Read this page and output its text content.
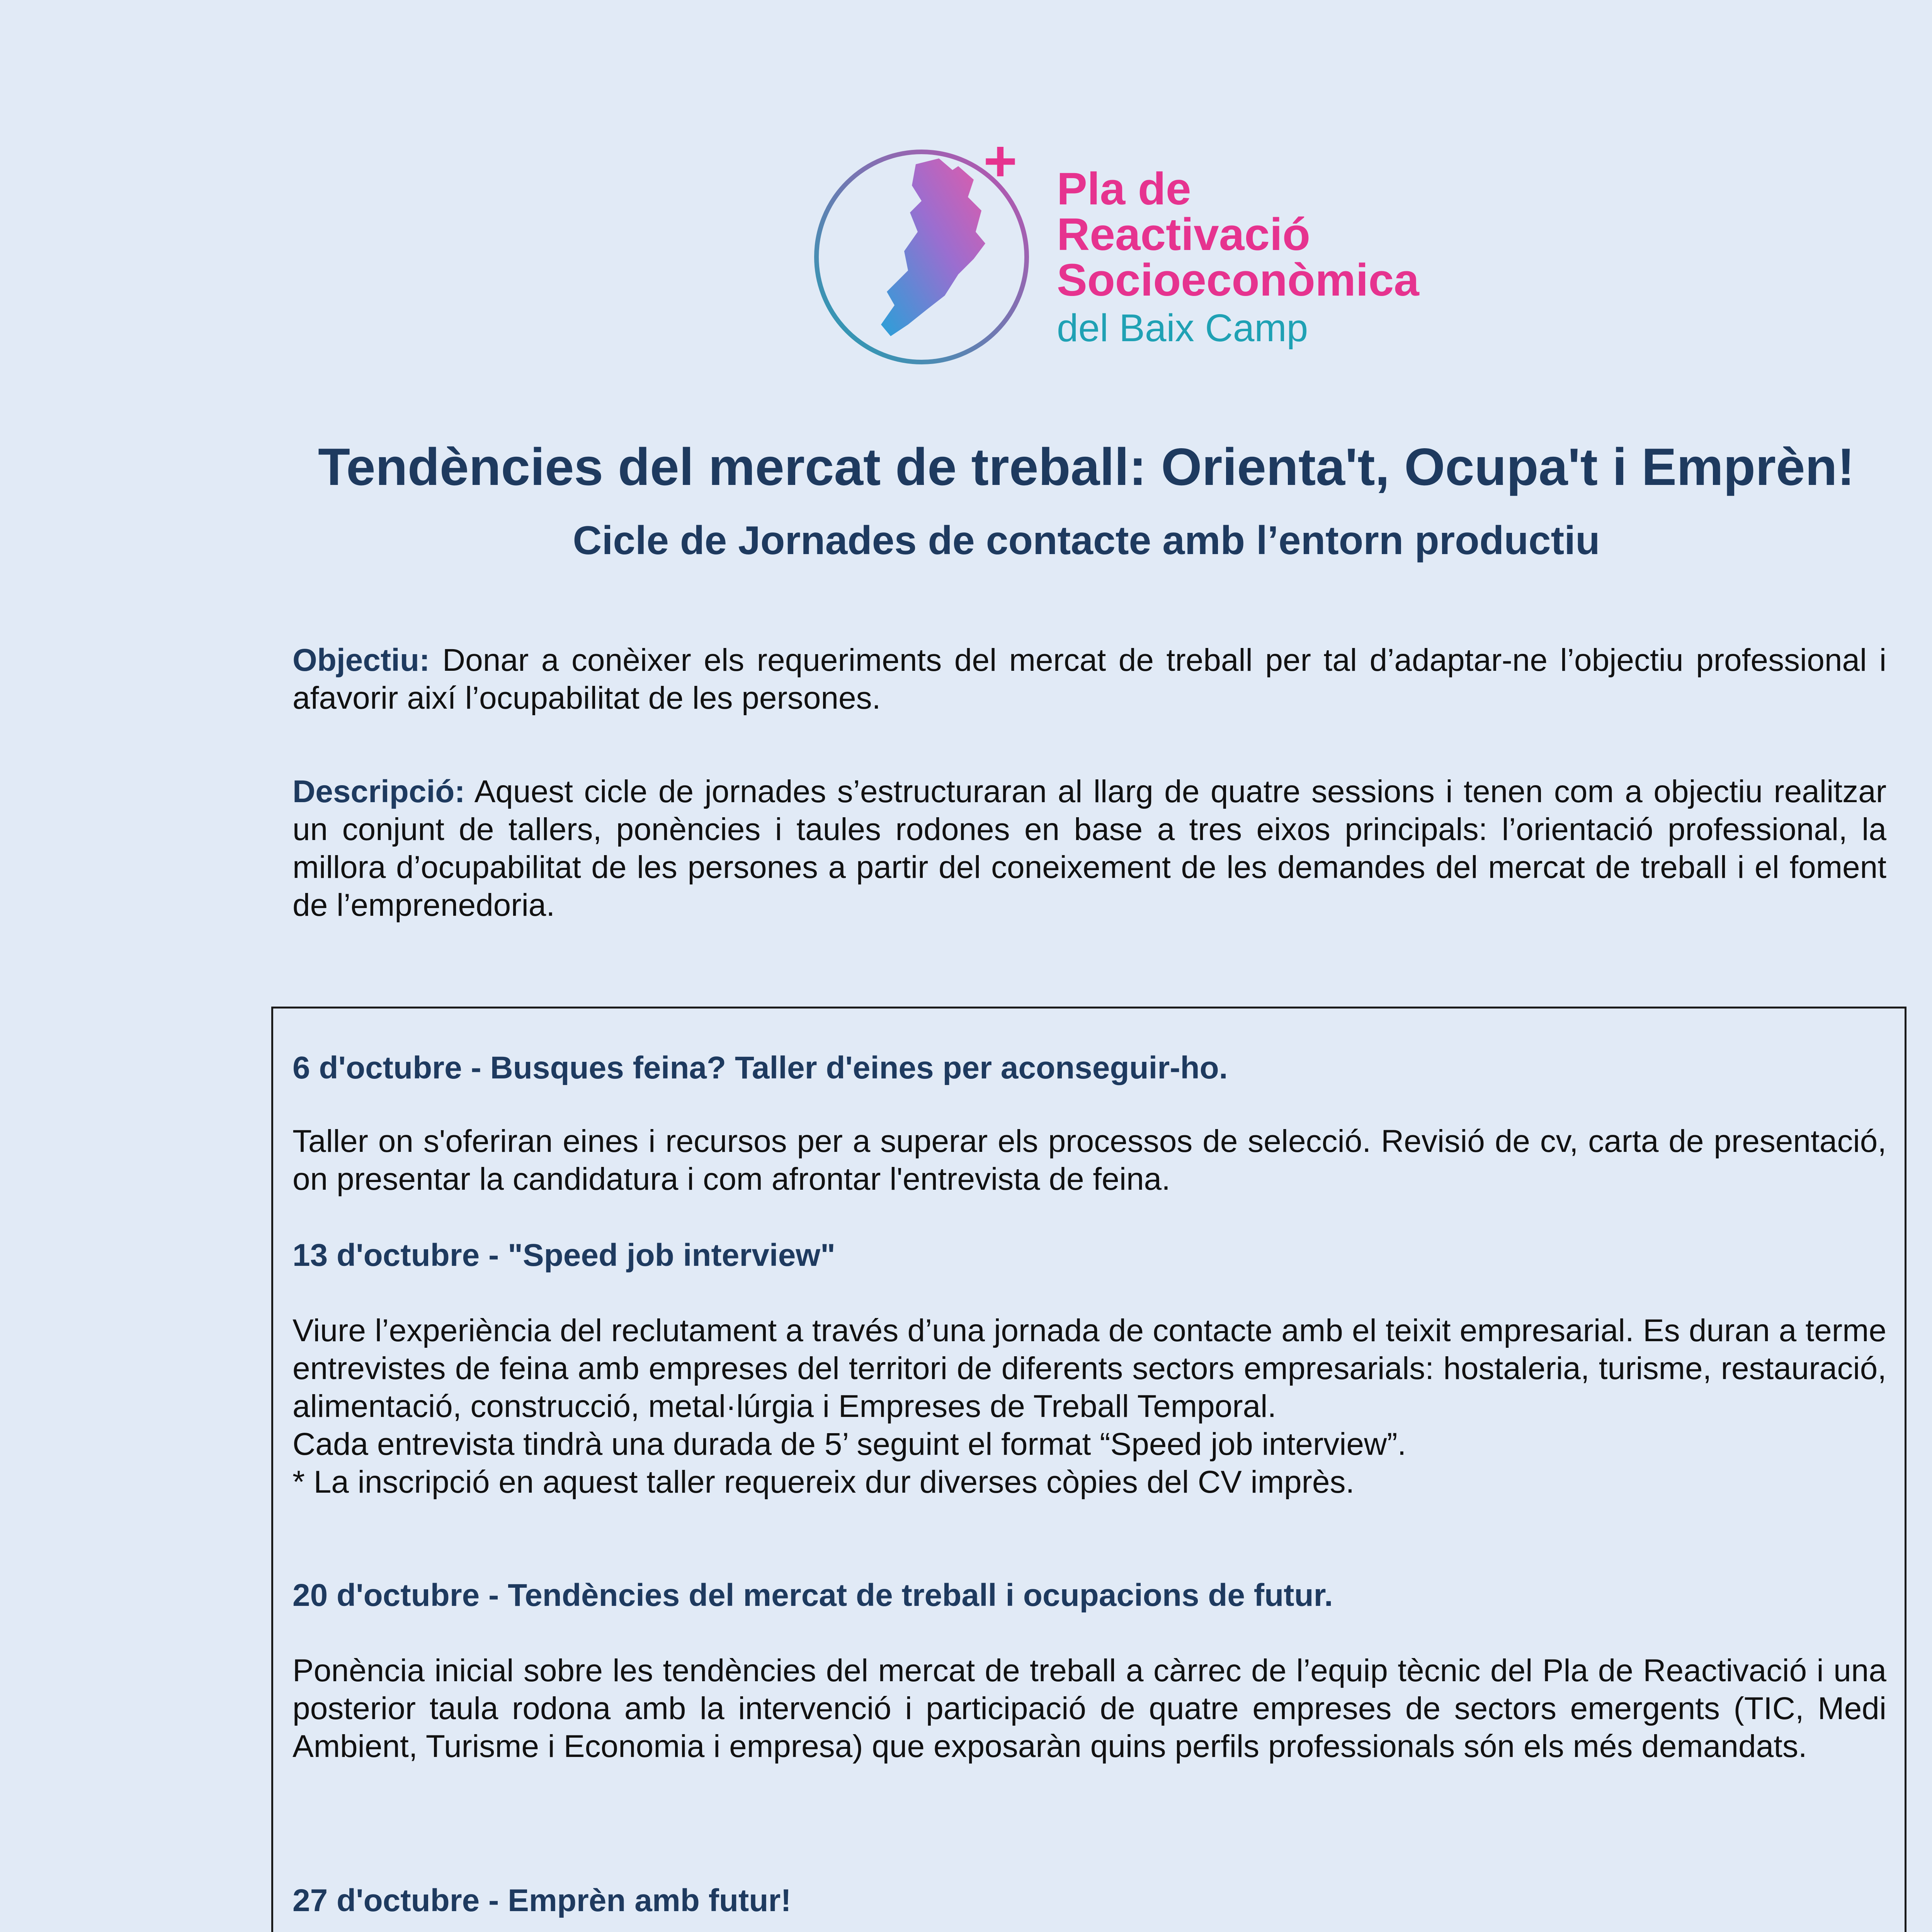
+ Pla de
Reactivació
Socioeconòmica
del Baix Camp
Tendències del mercat de treball: Orienta't, Ocupa't i Emprèn!
Cicle de Jornades de contacte amb l’entorn productiu
Objectiu: Donar a conèixer els requeriments del mercat de treball per tal d’adaptar-ne l’objectiu professional i afavorir així l’ocupabilitat de les persones.
Descripció: Aquest cicle de jornades s’estructuraran al llarg de quatre sessions i tenen com a objectiu realitzar un conjunt de tallers, ponències i taules rodones en base a tres eixos principals: l’orientació professional, la millora d’ocupabilitat de les persones a partir del coneixement de les demandes del mercat de treball i el foment de l’emprenedoria.
6 d'octubre - Busques feina? Taller d'eines per aconseguir-ho.
Taller on s'oferiran eines i recursos per a superar els processos de selecció. Revisió de cv, carta de presentació, on presentar la candidatura i com afrontar l'entrevista de feina.
13 d'octubre - "Speed job interview"
Viure l’experiència del reclutament a través d’una jornada de contacte amb el teixit empresarial. Es duran a terme entrevistes de feina amb empreses del territori de diferents sectors empresarials: hostaleria, turisme, restauració, alimentació, construcció, metal·lúrgia i Empreses de Treball Temporal.
Cada entrevista tindrà una durada de 5’ seguint el format “Speed job interview”.
* La inscripció en aquest taller requereix dur diverses còpies del CV imprès.
20 d'octubre - Tendències del mercat de treball i ocupacions de futur.
Ponència inicial sobre les tendències del mercat de treball a càrrec de l’equip tècnic del Pla de Reactivació i una posterior taula rodona amb la intervenció i participació de quatre empreses de sectors emergents (TIC, Medi Ambient, Turisme i Economia i empresa) que exposaràn quins perfils professionals són els més demandats.
27 d'octubre - Emprèn amb futur!
